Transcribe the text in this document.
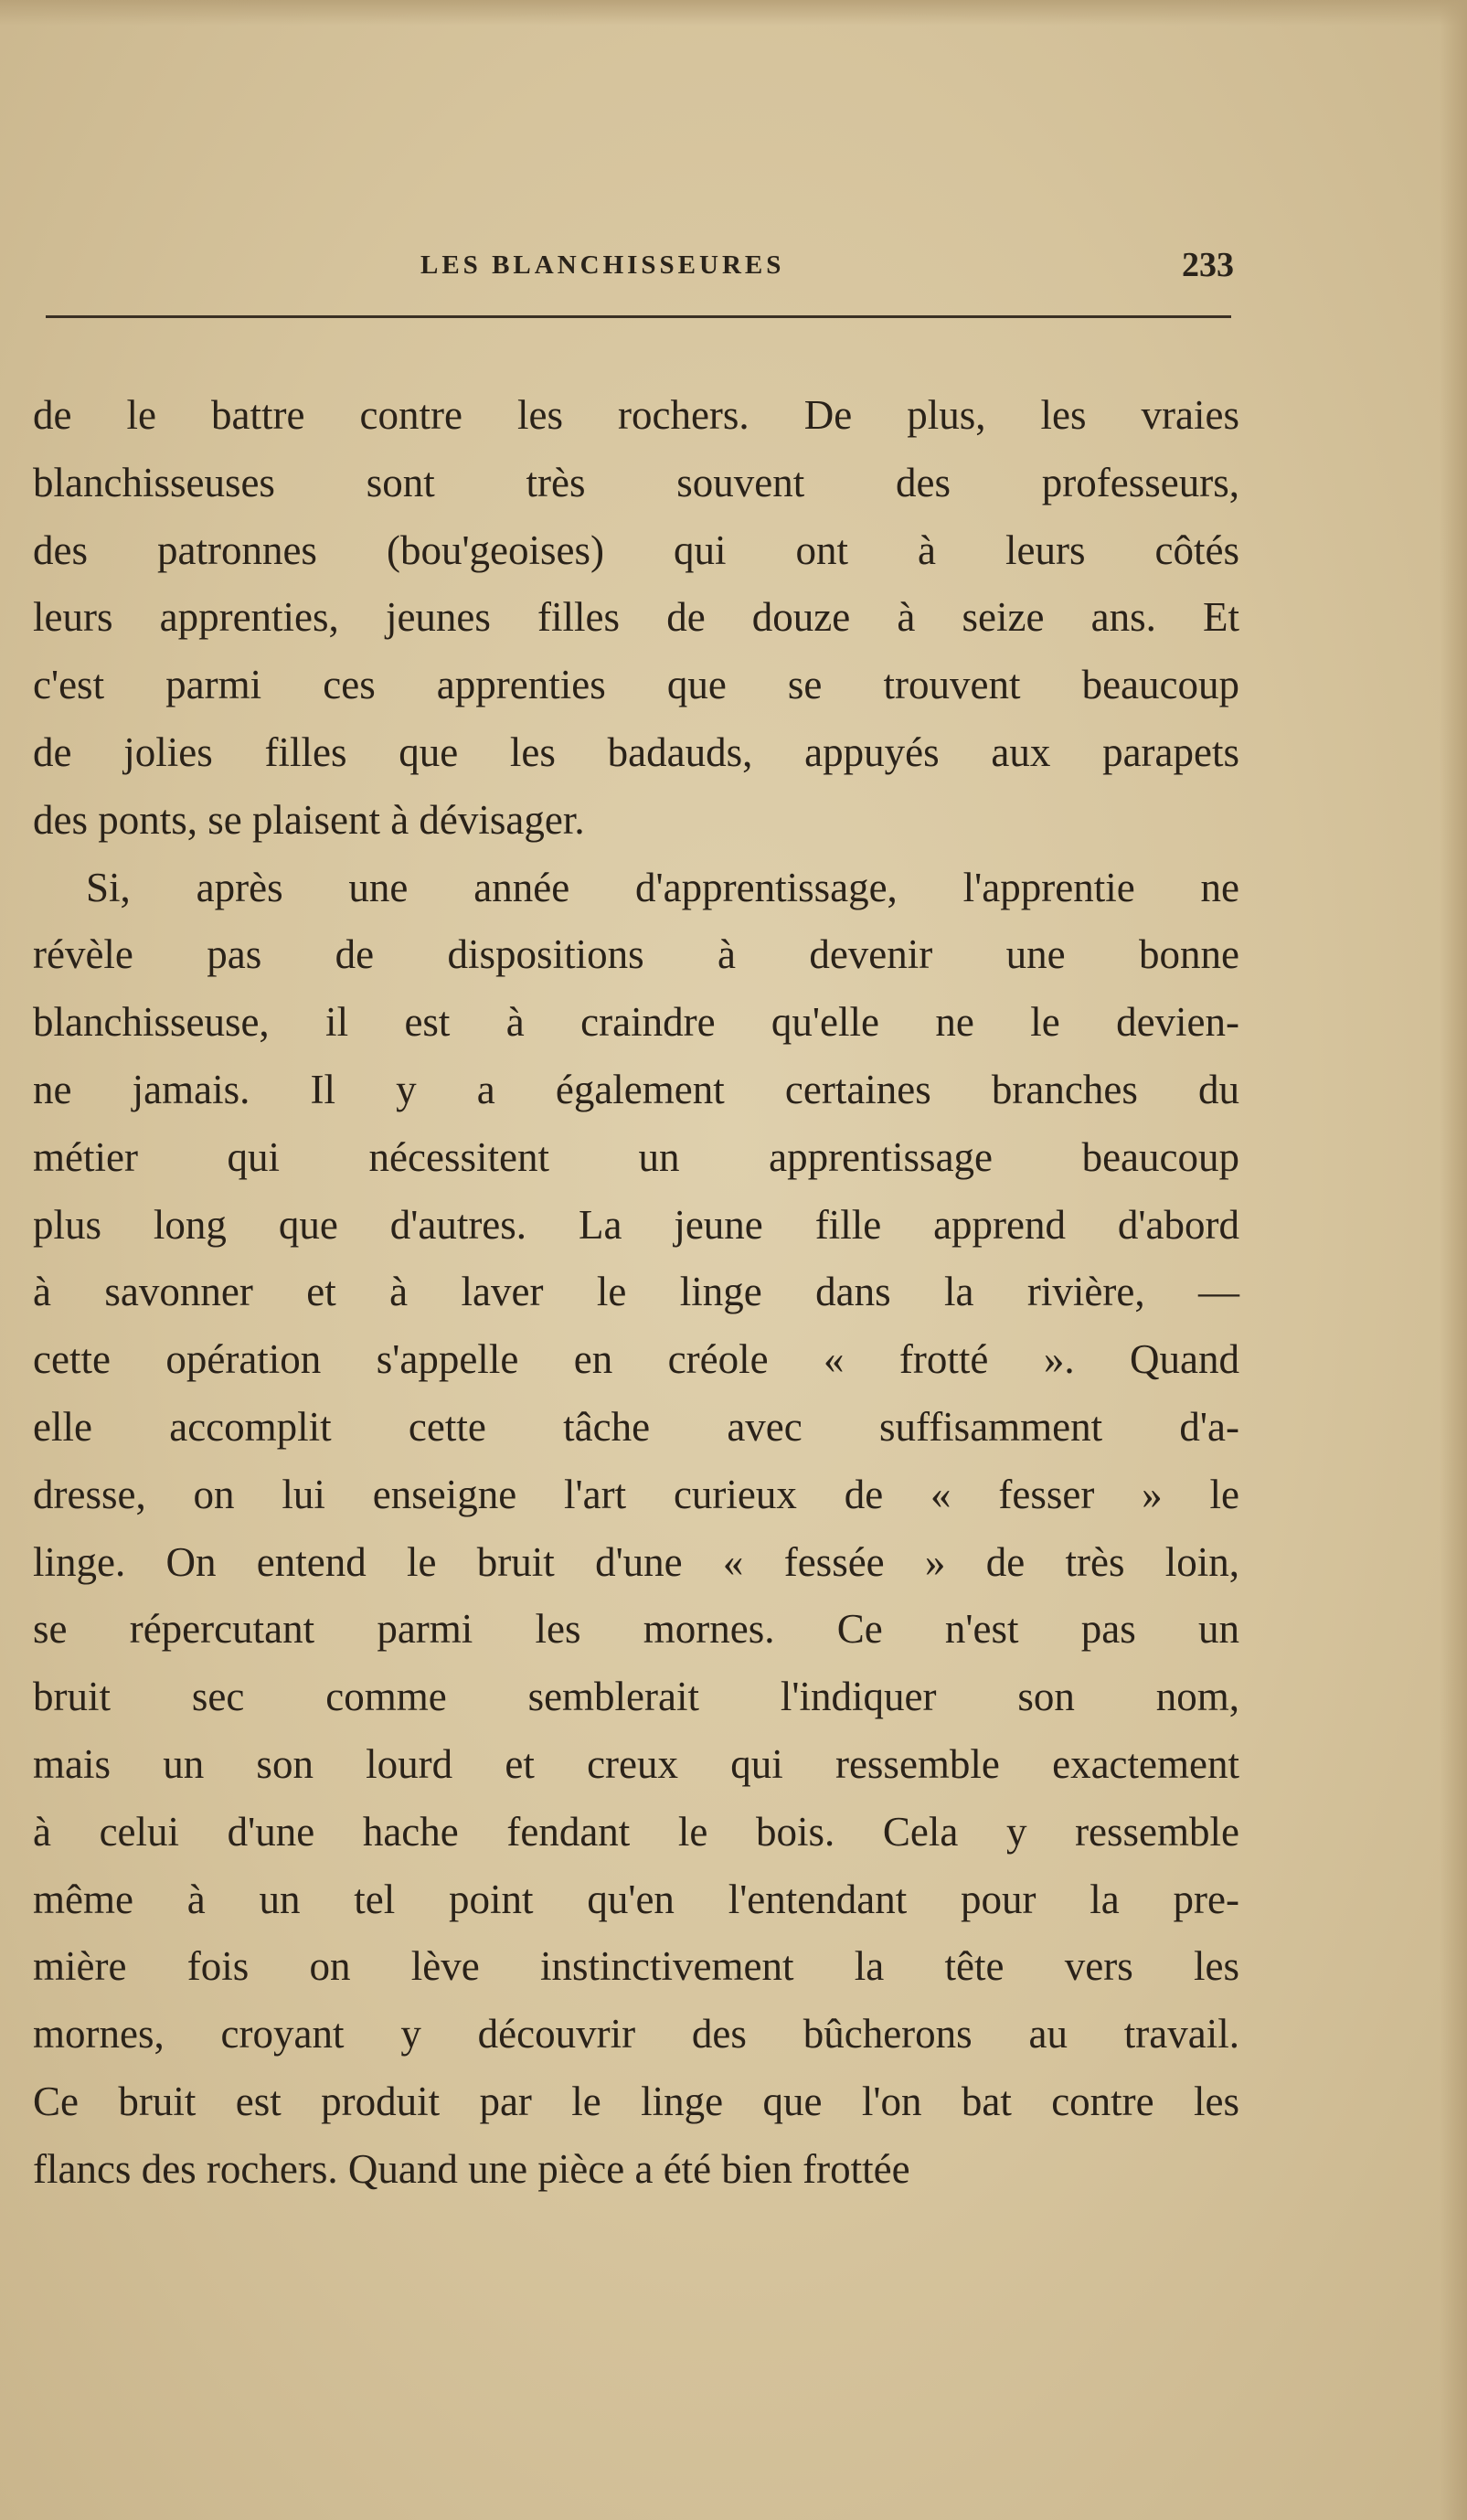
LES BLANCHISSEURES	233
de le battre contre les rochers. De plus, les vraies
blanchisseuses sont très souvent des professeurs,
des patronnes (bou'geoises) qui ont à leurs côtés
leurs apprenties, jeunes filles de douze à seize ans. Et
c'est parmi ces apprenties que se trouvent beaucoup
de jolies filles que les badauds, appuyés aux parapets
des ponts, se plaisent à dévisager.
Si, après une année d'apprentissage, l'apprentie ne
révèle pas de dispositions à devenir une bonne
blanchisseuse, il est à craindre qu'elle ne le devien-
ne jamais. Il y a également certaines branches du
métier qui nécessitent un apprentissage beaucoup
plus long que d'autres. La jeune fille apprend d'abord
à savonner et à laver le linge dans la rivière, —
cette opération s'appelle en créole « frotté ». Quand
elle accomplit cette tâche avec suffisamment d'a-
dresse, on lui enseigne l'art curieux de « fesser » le
linge. On entend le bruit d'une « fessée » de très loin,
se répercutant parmi les mornes. Ce n'est pas un
bruit sec comme semblerait l'indiquer son nom,
mais un son lourd et creux qui ressemble exactement
à celui d'une hache fendant le bois. Cela y ressemble
même à un tel point qu'en l'entendant pour la pre-
mière fois on lève instinctivement la tête vers les
mornes, croyant y découvrir des bûcherons au travail.
Ce bruit est produit par le linge que l'on bat contre les
flancs des rochers. Quand une pièce a été bien frottée
